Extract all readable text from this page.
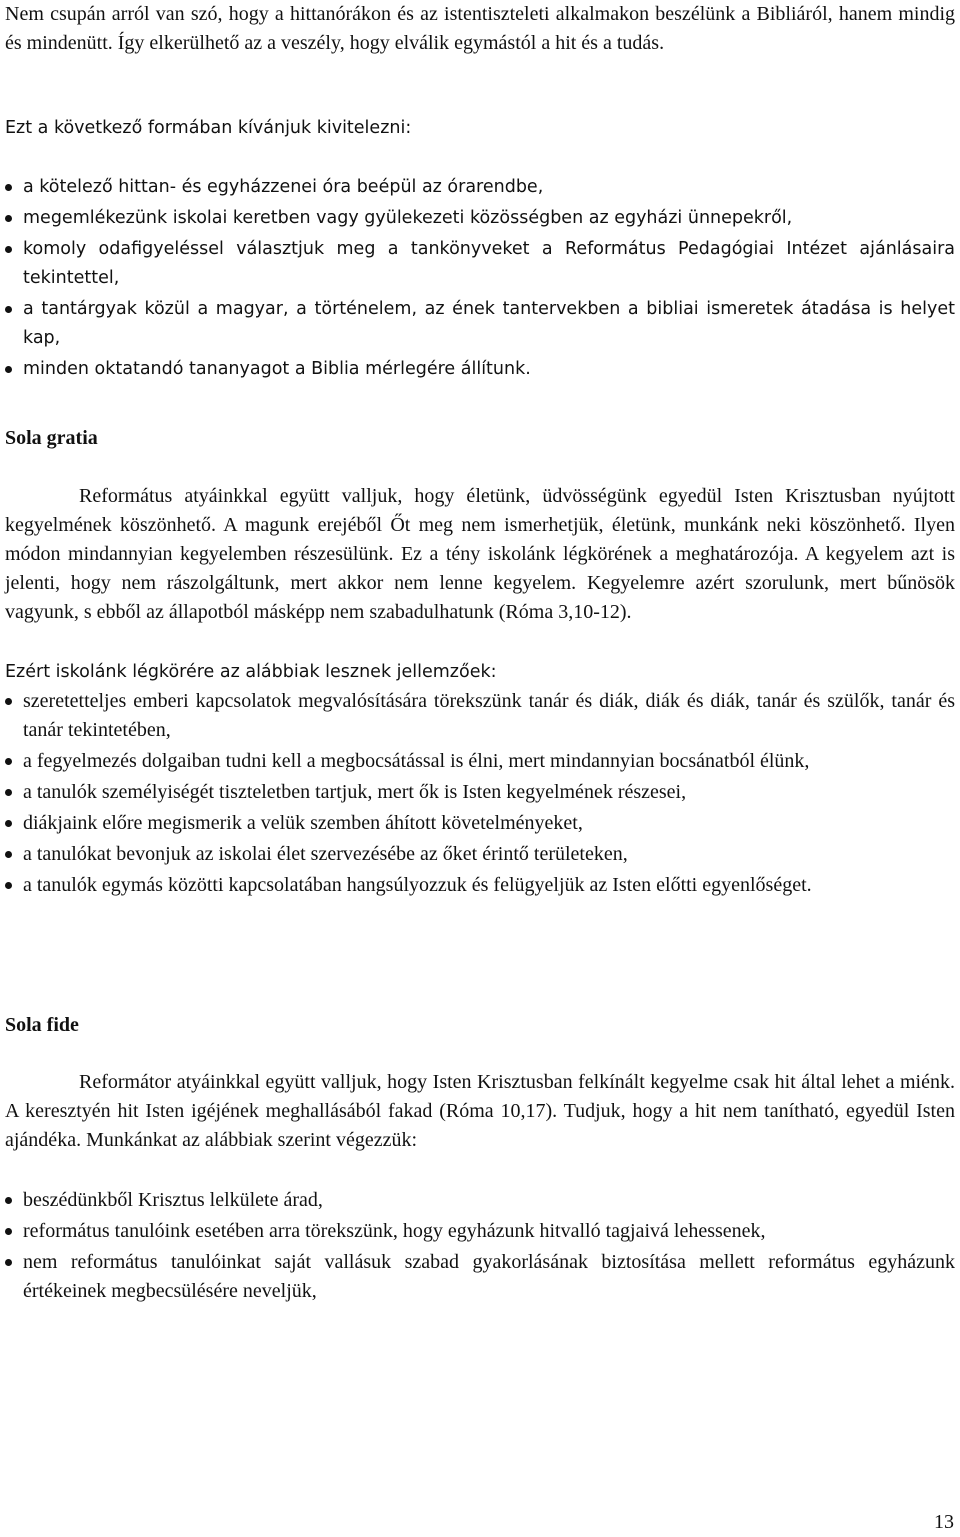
Nem csupán arról van szó, hogy a hittanórákon és az istentiszteleti alkalmakon beszélünk a Bibliáról, hanem mindig és mindenütt. Így elkerülhető az a veszély, hogy elválik egymástól a hit és a tudás.
Ezt a következő formában kívánjuk kivitelezni:
a kötelező hittan- és egyházzenei óra beépül az órarendbe,
megemlékezünk iskolai keretben vagy gyülekezeti közösségben az egyházi ünnepekről,
komoly odafigyeléssel választjuk meg a tankönyveket a Református Pedagógiai Intézet ajánlásaira tekintettel,
a tantárgyak közül a magyar, a történelem, az ének tantervekben a bibliai ismeretek átadása is helyet kap,
minden oktatandó tananyagot a Biblia mérlegére állítunk.
Sola gratia
Református atyáinkkal együtt valljuk, hogy életünk, üdvösségünk egyedül Isten Krisztusban nyújtott kegyelmének köszönhető. A magunk erejéből Őt meg nem ismerhetjük, életünk, munkánk neki köszönhető. Ilyen módon mindannyian kegyelemben részesülünk. Ez a tény iskolánk légkörének a meghatározója. A kegyelem azt is jelenti, hogy nem rászolgáltunk, mert akkor nem lenne kegyelem. Kegyelemre azért szorulunk, mert bűnösök vagyunk, s ebből az állapotból másképp nem szabadulhatunk (Róma 3,10-12).
Ezért iskolánk légkörére az alábbiak lesznek jellemzőek:
szeretetteljes emberi kapcsolatok megvalósítására törekszünk tanár és diák, diák és diák, tanár és szülők, tanár és tanár tekintetében,
a fegyelmezés dolgaiban tudni kell a megbocsátással is élni, mert mindannyian bocsánatból élünk,
a tanulók személyiségét tiszteletben tartjuk, mert ők is Isten kegyelmének részesei,
diákjaink előre megismerik a velük szemben áhított követelményeket,
a tanulókat bevonjuk az iskolai élet szervezésébe az őket érintő területeken,
a tanulók egymás közötti kapcsolatában hangsúlyozzuk és felügyeljük az Isten előtti egyenlőséget.
Sola fide
Reformátor atyáinkkal együtt valljuk, hogy Isten Krisztusban felkínált kegyelme csak hit által lehet a miénk. A keresztyén hit Isten igéjének meghallásából fakad (Róma 10,17). Tudjuk, hogy a hit nem tanítható, egyedül Isten ajándéka. Munkánkat az alábbiak szerint végezzük:
beszédünkből Krisztus lelkülete árad,
református tanulóink esetében arra törekszünk, hogy egyházunk hitvalló tagjaivá lehessenek,
nem református tanulóinkat saját vallásuk szabad gyakorlásának biztosítása mellett református egyházunk értékeinek megbecsülésére neveljük,
13
